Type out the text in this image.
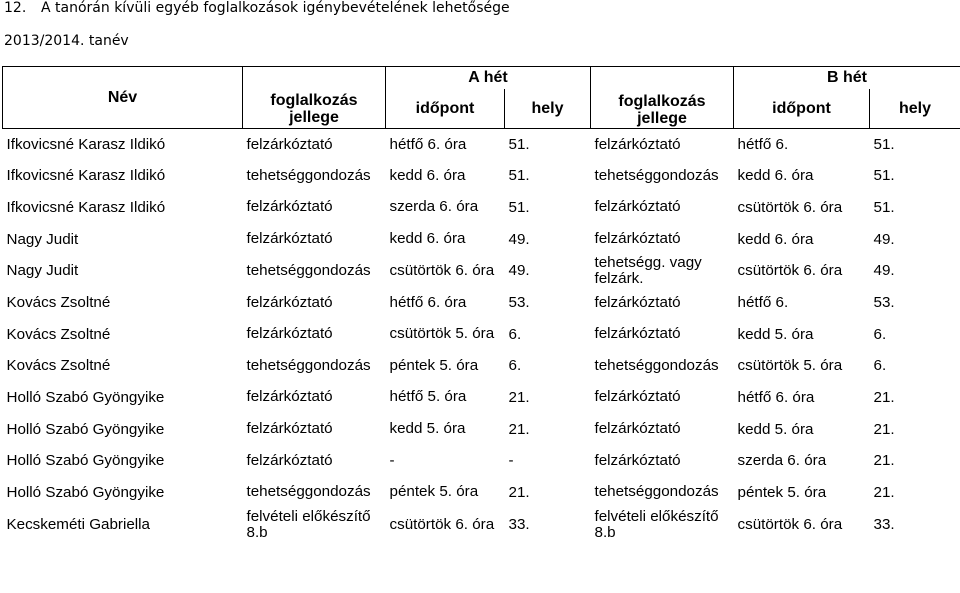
12. A tanórán kívüli egyéb foglalkozások igénybevételének lehetősége
2013/2014. tanév
Név	foglalkozás jellege	A hét		foglalkozás jellege	B hét	
		időpont	hely		időpont	hely
Ifkovicsné Karasz Ildikó	felzárkóztató	hétfő 6. óra	51.	felzárkóztató	hétfő 6.	51.
Ifkovicsné Karasz Ildikó	tehetséggondozás	kedd 6. óra	51.	tehetséggondozás	kedd 6. óra	51.
Ifkovicsné Karasz Ildikó	felzárkóztató	szerda 6. óra	51.	felzárkóztató	csütörtök 6. óra	51.
Nagy Judit	felzárkóztató	kedd 6. óra	49.	felzárkóztató	kedd 6. óra	49.
Nagy Judit	tehetséggondozás	csütörtök 6. óra	49.	tehetségg. vagy felzárk.	csütörtök 6. óra	49.
Kovács Zsoltné	felzárkóztató	hétfő 6. óra	53.	felzárkóztató	hétfő 6.	53.
Kovács Zsoltné	felzárkóztató	csütörtök 5. óra	6.	felzárkóztató	kedd 5. óra	6.
Kovács Zsoltné	tehetséggondozás	péntek 5. óra	6.	tehetséggondozás	csütörtök 5. óra	6.
Holló Szabó Gyöngyike	felzárkóztató	hétfő 5. óra	21.	felzárkóztató	hétfő 6. óra	21.
Holló Szabó Gyöngyike	felzárkóztató	kedd 5. óra	21.	felzárkóztató	kedd 5. óra	21.
Holló Szabó Gyöngyike	felzárkóztató	-	-	felzárkóztató	szerda 6. óra	21.
Holló Szabó Gyöngyike	tehetséggondozás	péntek 5. óra	21.	tehetséggondozás	péntek 5. óra	21.
Kecskeméti Gabriella	felvételi előkészítő 8.b	csütörtök 6. óra	33.	felvételi előkészítő 8.b	csütörtök 6. óra	33.
